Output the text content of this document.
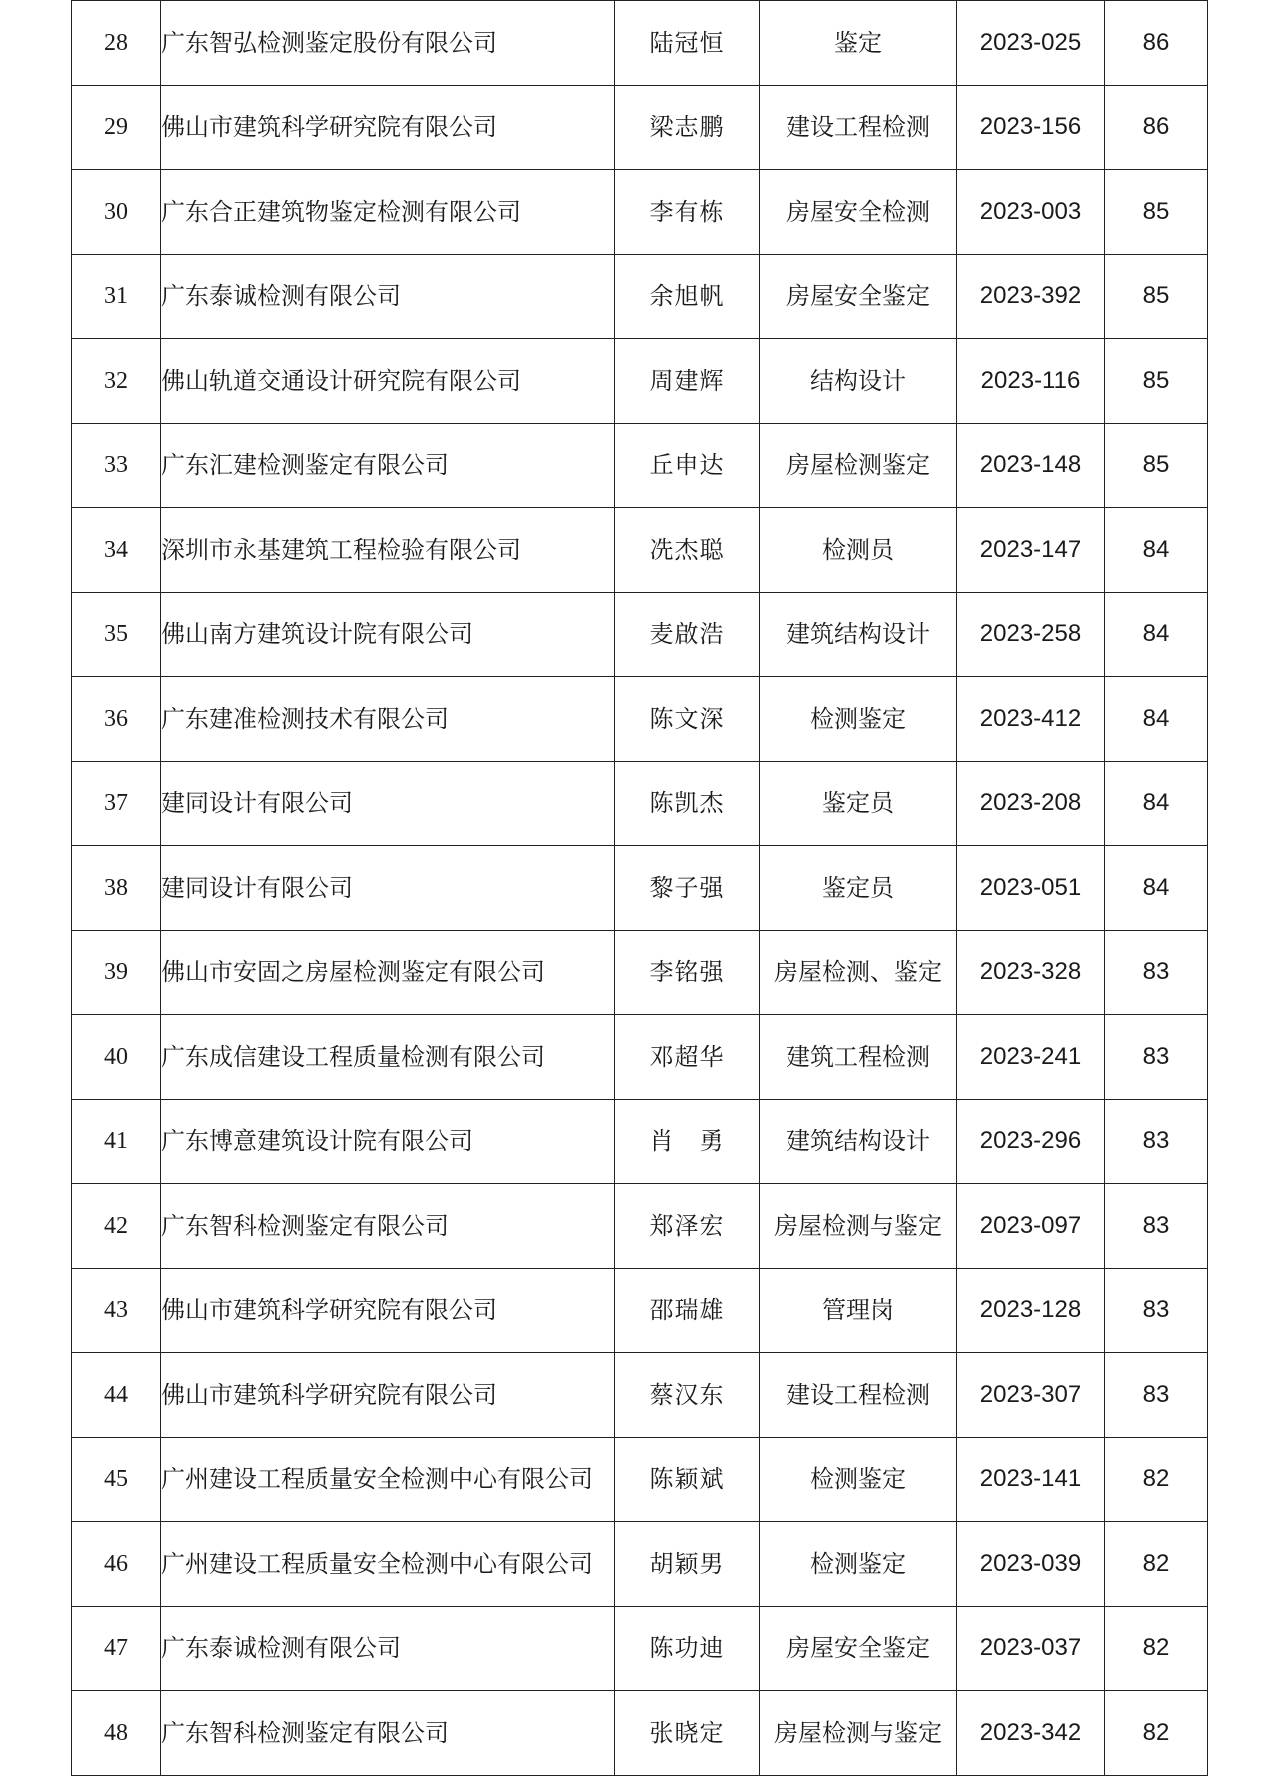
28	广东智弘检测鉴定股份有限公司	陆冠恒	鉴定	2023-025	86
29	佛山市建筑科学研究院有限公司	梁志鹏	建设工程检测	2023-156	86
30	广东合正建筑物鉴定检测有限公司	李有栋	房屋安全检测	2023-003	85
31	广东泰诚检测有限公司	余旭帆	房屋安全鉴定	2023-392	85
32	佛山轨道交通设计研究院有限公司	周建辉	结构设计	2023-116	85
33	广东汇建检测鉴定有限公司	丘申达	房屋检测鉴定	2023-148	85
34	深圳市永基建筑工程检验有限公司	冼杰聪	检测员	2023-147	84
35	佛山南方建筑设计院有限公司	麦啟浩	建筑结构设计	2023-258	84
36	广东建准检测技术有限公司	陈文深	检测鉴定	2023-412	84
37	建同设计有限公司	陈凯杰	鉴定员	2023-208	84
38	建同设计有限公司	黎子强	鉴定员	2023-051	84
39	佛山市安固之房屋检测鉴定有限公司	李铭强	房屋检测、鉴定	2023-328	83
40	广东成信建设工程质量检测有限公司	邓超华	建筑工程检测	2023-241	83
41	广东博意建筑设计院有限公司	肖　勇	建筑结构设计	2023-296	83
42	广东智科检测鉴定有限公司	郑泽宏	房屋检测与鉴定	2023-097	83
43	佛山市建筑科学研究院有限公司	邵瑞雄	管理岗	2023-128	83
44	佛山市建筑科学研究院有限公司	蔡汉东	建设工程检测	2023-307	83
45	广州建设工程质量安全检测中心有限公司	陈颖斌	检测鉴定	2023-141	82
46	广州建设工程质量安全检测中心有限公司	胡颖男	检测鉴定	2023-039	82
47	广东泰诚检测有限公司	陈功迪	房屋安全鉴定	2023-037	82
48	广东智科检测鉴定有限公司	张晓定	房屋检测与鉴定	2023-342	82
